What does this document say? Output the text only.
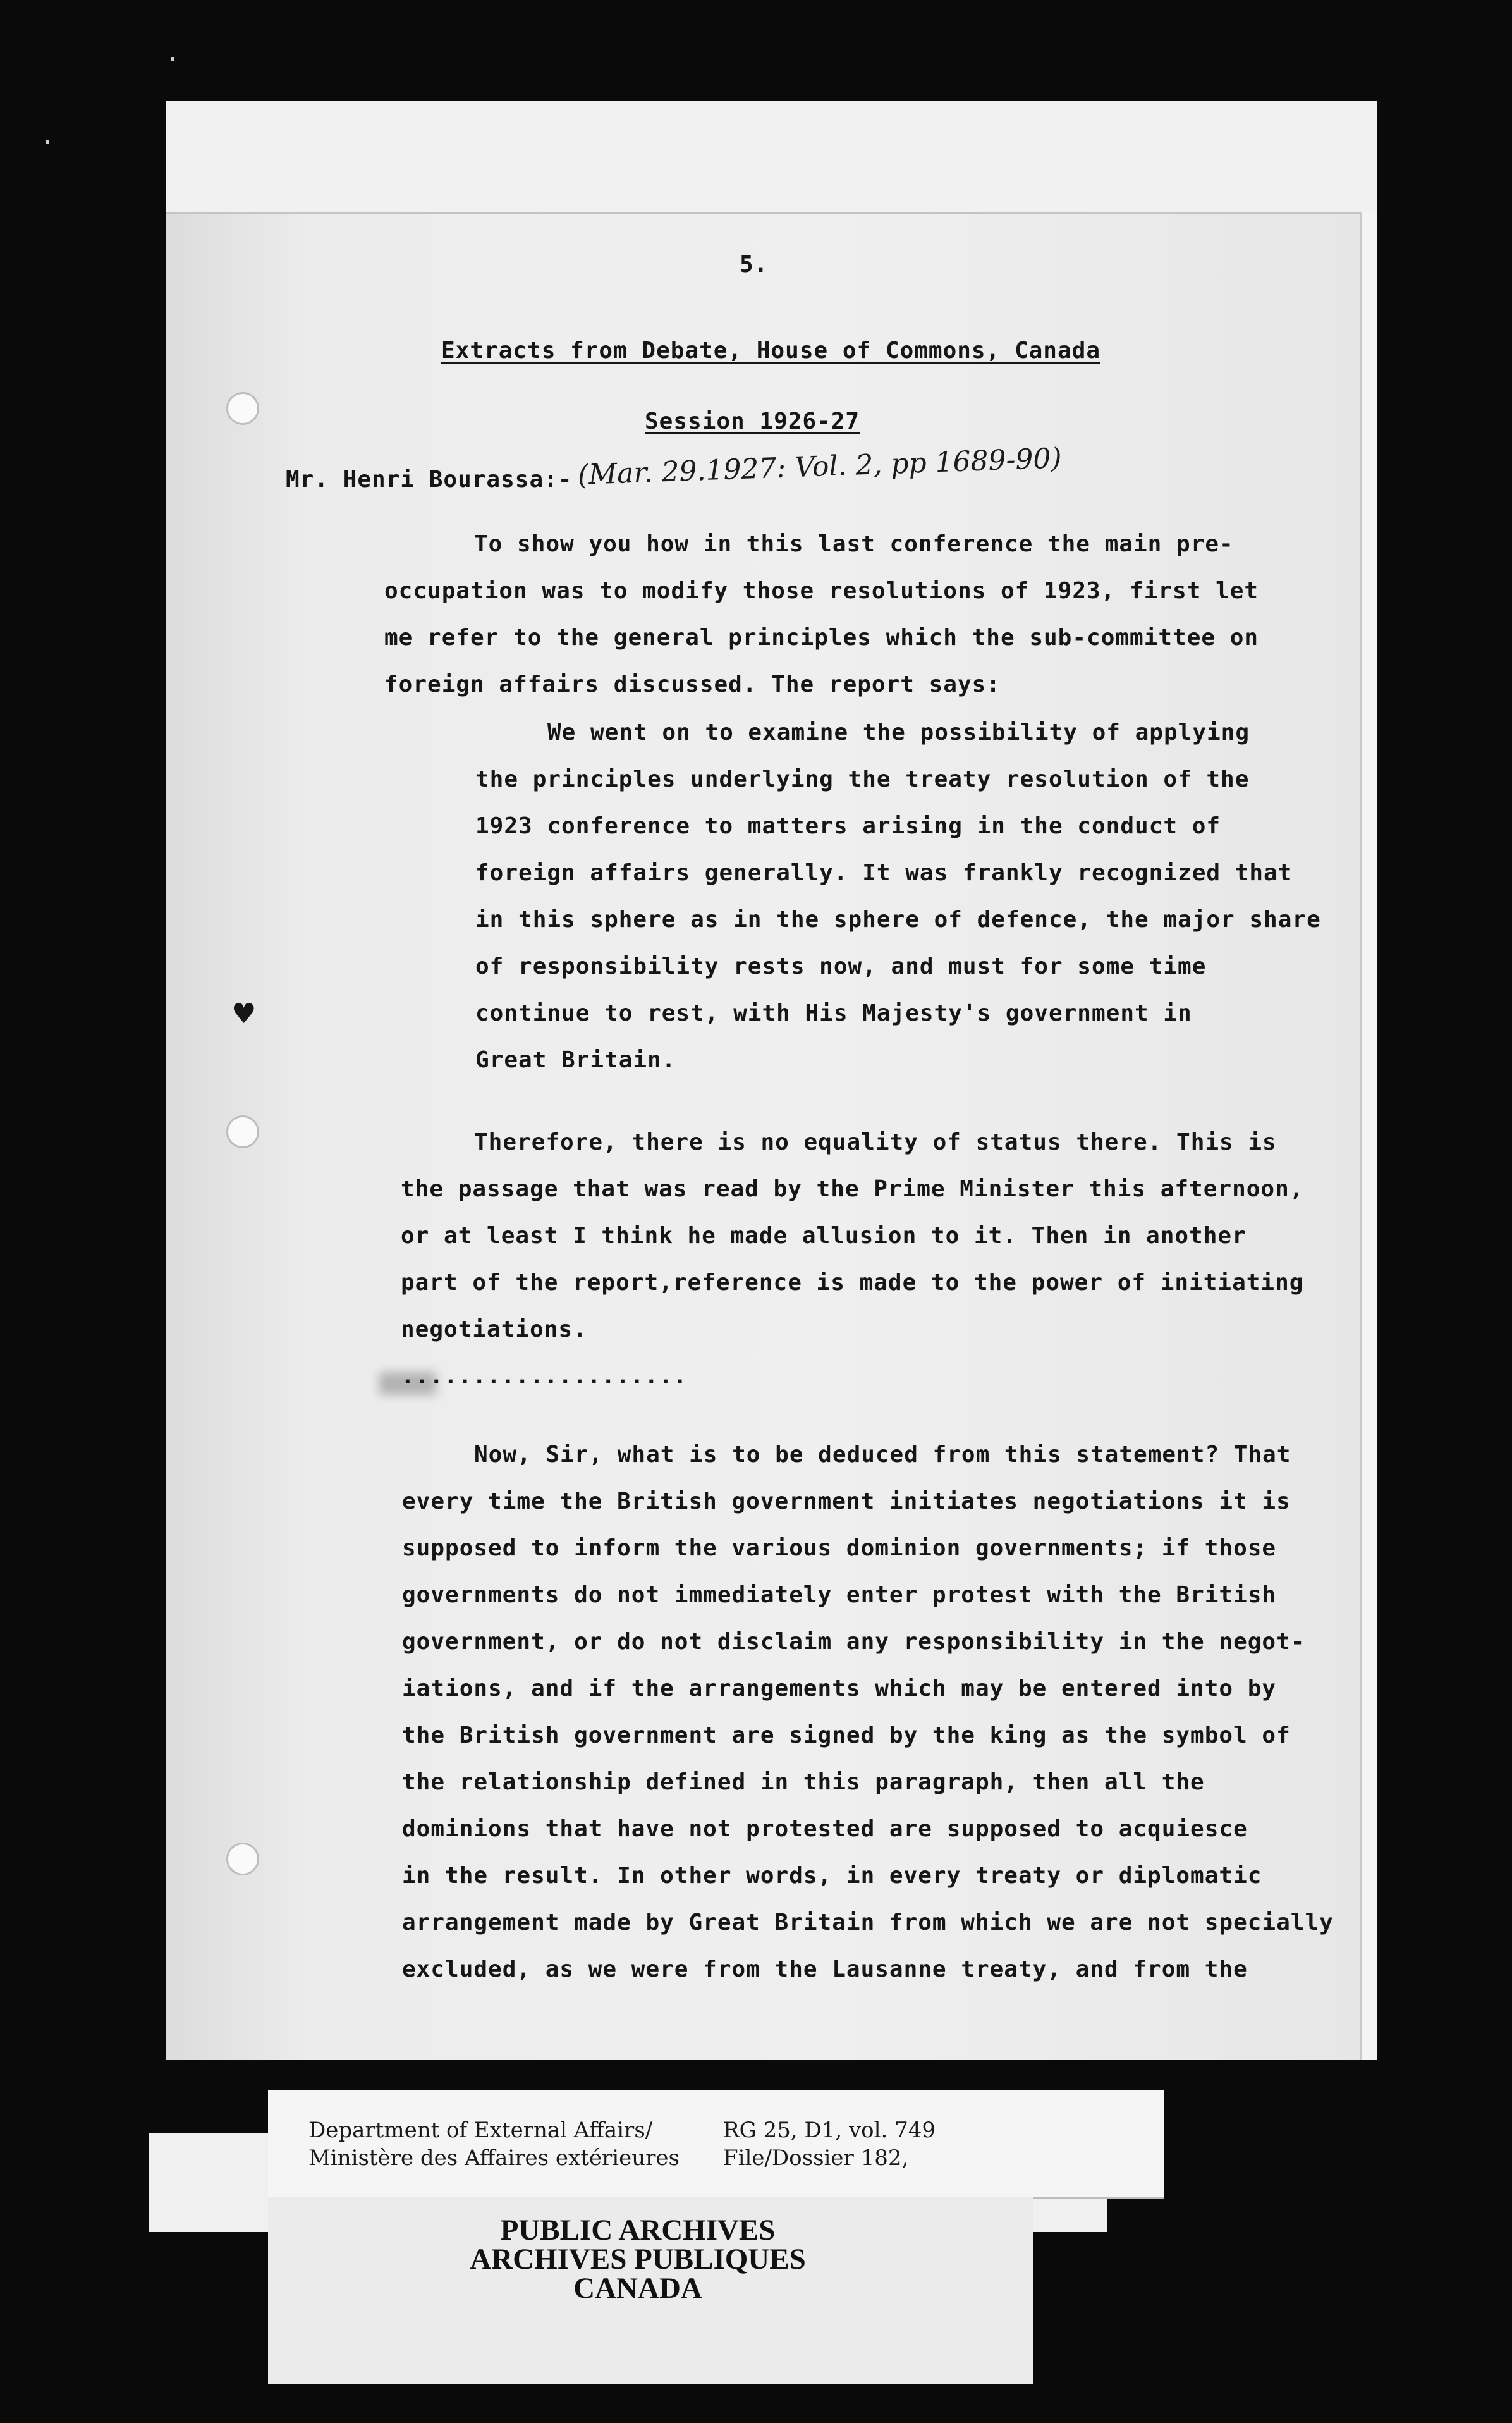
♥

5.

Extracts from Debate, House of Commons, Canada

Session 1926-27

Mr. Henri Bourassa:- (Mar. 29.1927: Vol. 2, pp 1689-90)

To show you how in this last conference the main pre-

occupation was to modify those resolutions of 1923, first let

me refer to the general principles which the sub-committee on

foreign affairs discussed. The report says:

We went on to examine the possibility of applying

the principles underlying the treaty resolution of the

1923 conference to matters arising in the conduct of

foreign affairs generally. It was frankly recognized that

in this sphere as in the sphere of defence, the major share

of responsibility rests now, and must for some time

continue to rest, with His Majesty's government in

Great Britain.

Therefore, there is no equality of status there. This is

the passage that was read by the Prime Minister this afternoon,

or at least I think he made allusion to it. Then in another

part of the report,reference is made to the power of initiating

negotiations.

....................

Now, Sir, what is to be deduced from this statement? That

every time the British government initiates negotiations it is

supposed to inform the various dominion governments; if those

governments do not immediately enter protest with the British

government, or do not disclaim any responsibility in the negot-

iations, and if the arrangements which may be entered into by

the British government are signed by the king as the symbol of

the relationship defined in this paragraph, then all the

dominions that have not protested are supposed to acquiesce

in the result. In other words, in every treaty or diplomatic

arrangement made by Great Britain from which we are not specially

excluded, as we were from the Lausanne treaty, and from the

Department of External Affairs/

Ministère des Affaires extérieures

RG 25, D1, vol. 749

File/Dossier 182,

PUBLIC ARCHIVES

ARCHIVES PUBLIQUES

CANADA
